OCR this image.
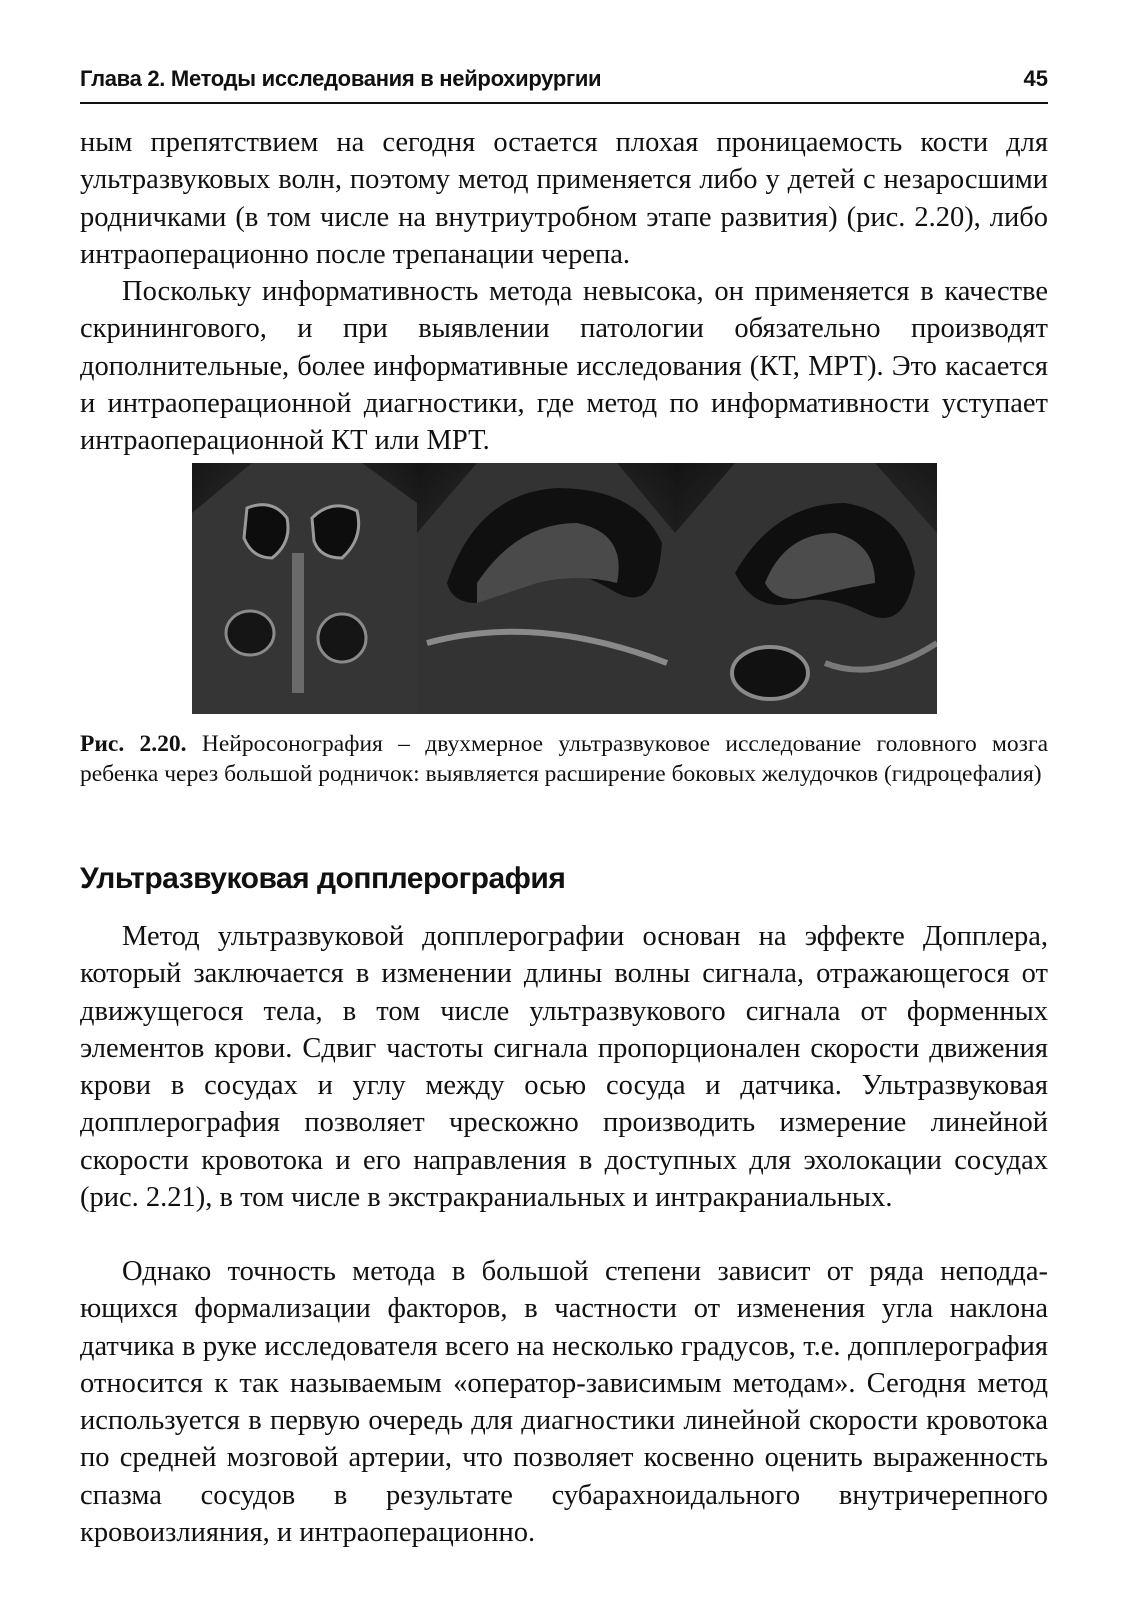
Глава 2. Методы исследования в нейрохирургии	45

ным препятствием на сегодня остается плохая проницаемость кости для ультразвуковых волн, поэтому метод применяется либо у детей с незаросшими родничками (в том числе на внутриутробном этапе развития) (рис. 2.20), либо интраоперационно после трепанации черепа.

Поскольку информативность метода невысока, он применяется в качестве скринингового, и при выявлении патологии обязательно производят дополнительные, более информативные исследования (КТ, МРТ). Это касается и интраоперационной диагностики, где метод по информативности уступает интраоперационной КТ или МРТ.

Рис. 2.20. Нейросонография – двухмерное ультразвуковое исследование головного мозга ребенка через большой родничок: выявляется расширение боковых желудочков (гидроцефалия)

Ультразвуковая допплерография

Метод ультразвуковой допплерографии основан на эффекте Допплера, который заключается в изменении длины волны сигнала, отражающегося от движущегося тела, в том числе ультразвукового сигнала от форменных элементов крови. Сдвиг частоты сигнала пропорционален скорости движения крови в сосудах и углу между осью сосуда и датчика. Ультразвуковая допплерография позволяет чрескожно производить измерение линейной скорости кровотока и его направления в доступных для эхолокации сосудах (рис. 2.21), в том числе в экстракраниальных и интракраниальных.

Однако точность метода в большой степени зависит от ряда неподдающихся формализации факторов, в частности от изменения угла наклона датчика в руке исследователя всего на несколько градусов, т.е. допплерография относится к так называемым «оператор-зависимым методам». Сегодня метод используется в первую очередь для диагностики линейной скорости кровотока по средней мозговой артерии, что позволяет косвенно оценить выраженность спазма сосудов в результате субарахноидального внутричерепного кровоизлияния, и интраоперационно.
